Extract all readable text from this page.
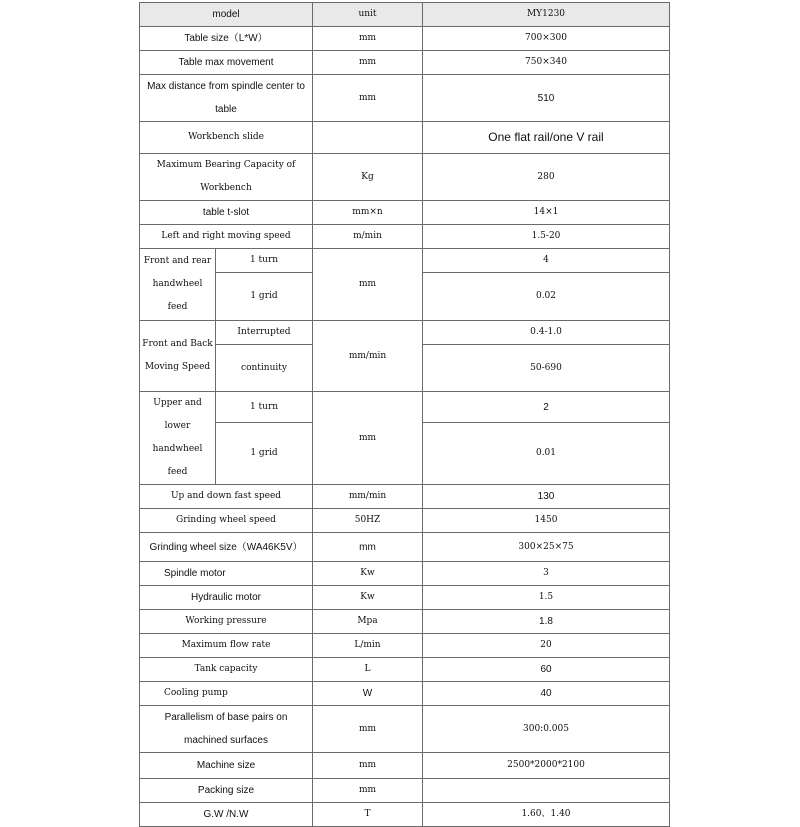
model		unit	MY1230
Table size（L*W）		mm	700×300
Table max movement		mm	750×340
Max distance from spindle center to table		mm	510
Workbench slide			One flat rail/one V rail
Maximum Bearing Capacity of Workbench		Kg	280
table t-slot		mm×n	14×1
Left and right moving speed		m/min	1.5-20
Front and rear handwheel feed	1 turn	mm	4
	1 grid		0.02
Front and Back Moving Speed	Interrupted	mm/min	0.4-1.0
	continuity		50-690
Upper and lower handwheel feed	1 turn	mm	2
	1 grid		0.01
Up and down fast speed		mm/min	130
Grinding wheel speed		50HZ	1450
Grinding wheel size（WA46K5V）		mm	300×25×75
Spindle motor		Kw	3
Hydraulic motor		Kw	1.5
Working pressure		Mpa	1.8
Maximum flow rate		L/min	20
Tank capacity		L	60
Cooling pump		W	40
Parallelism of base pairs on machined surfaces		mm	300:0.005
Machine size		mm	2500*2000*2100
Packing size		mm	
G.W /N.W		T	1.60、1.40
